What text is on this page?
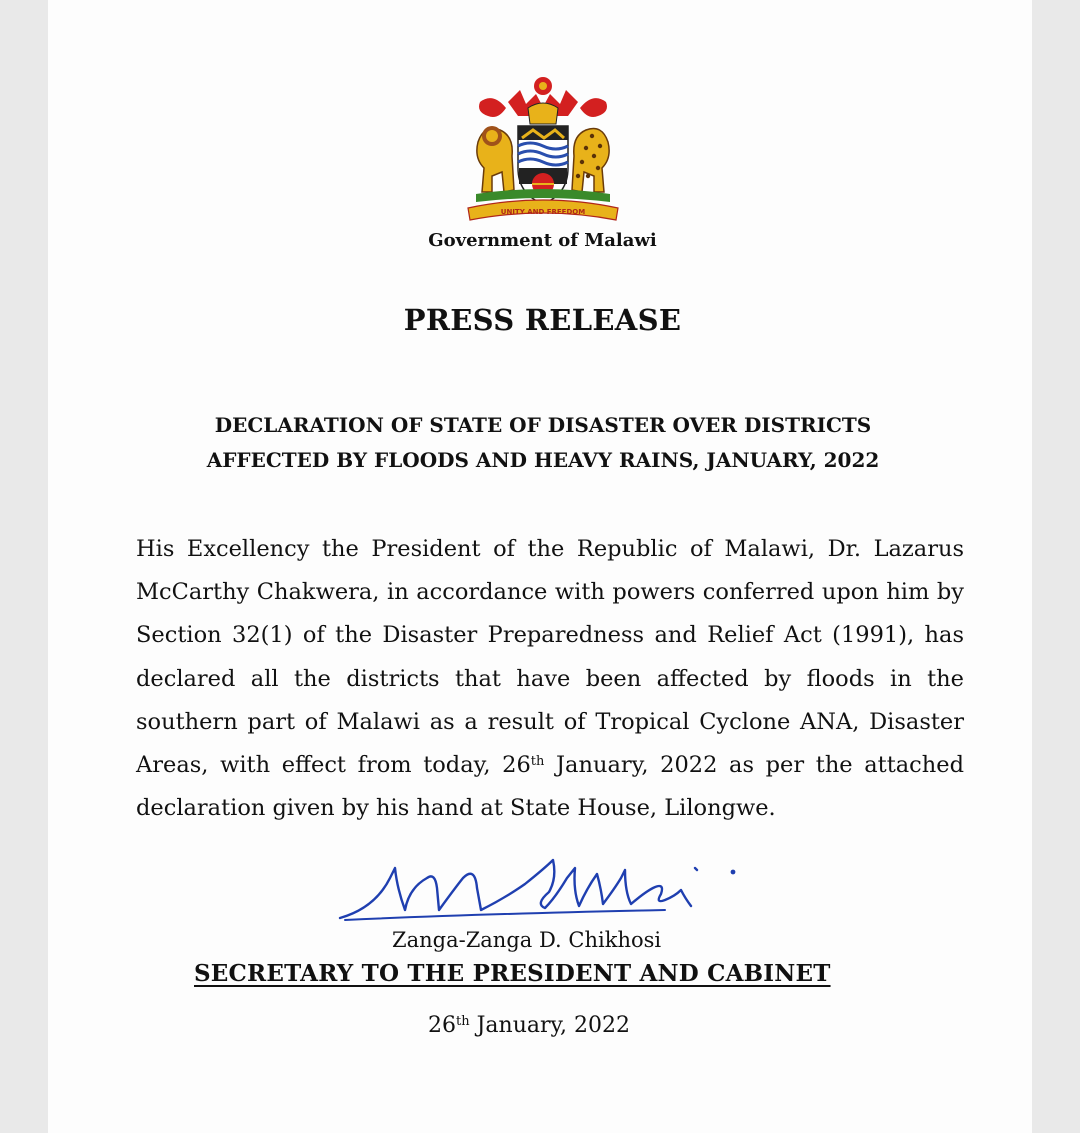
UNITY AND FREEDOM
Government of Malawi
PRESS RELEASE
DECLARATION OF STATE OF DISASTER OVER DISTRICTS
AFFECTED BY FLOODS AND HEAVY RAINS, JANUARY, 2022
His Excellency the President of the Republic of Malawi, Dr. Lazarus McCarthy Chakwera, in accordance with powers conferred upon him by Section 32(1) of the Disaster Preparedness and Relief Act (1991), has declared all the districts that have been affected by floods in the southern part of Malawi as a result of Tropical Cyclone ANA, Disaster Areas, with effect from today, 26th January, 2022 as per the attached declaration given by his hand at State House, Lilongwe.
Zanga-Zanga D. Chikhosi
SECRETARY TO THE PRESIDENT AND CABINET
26th January, 2022
